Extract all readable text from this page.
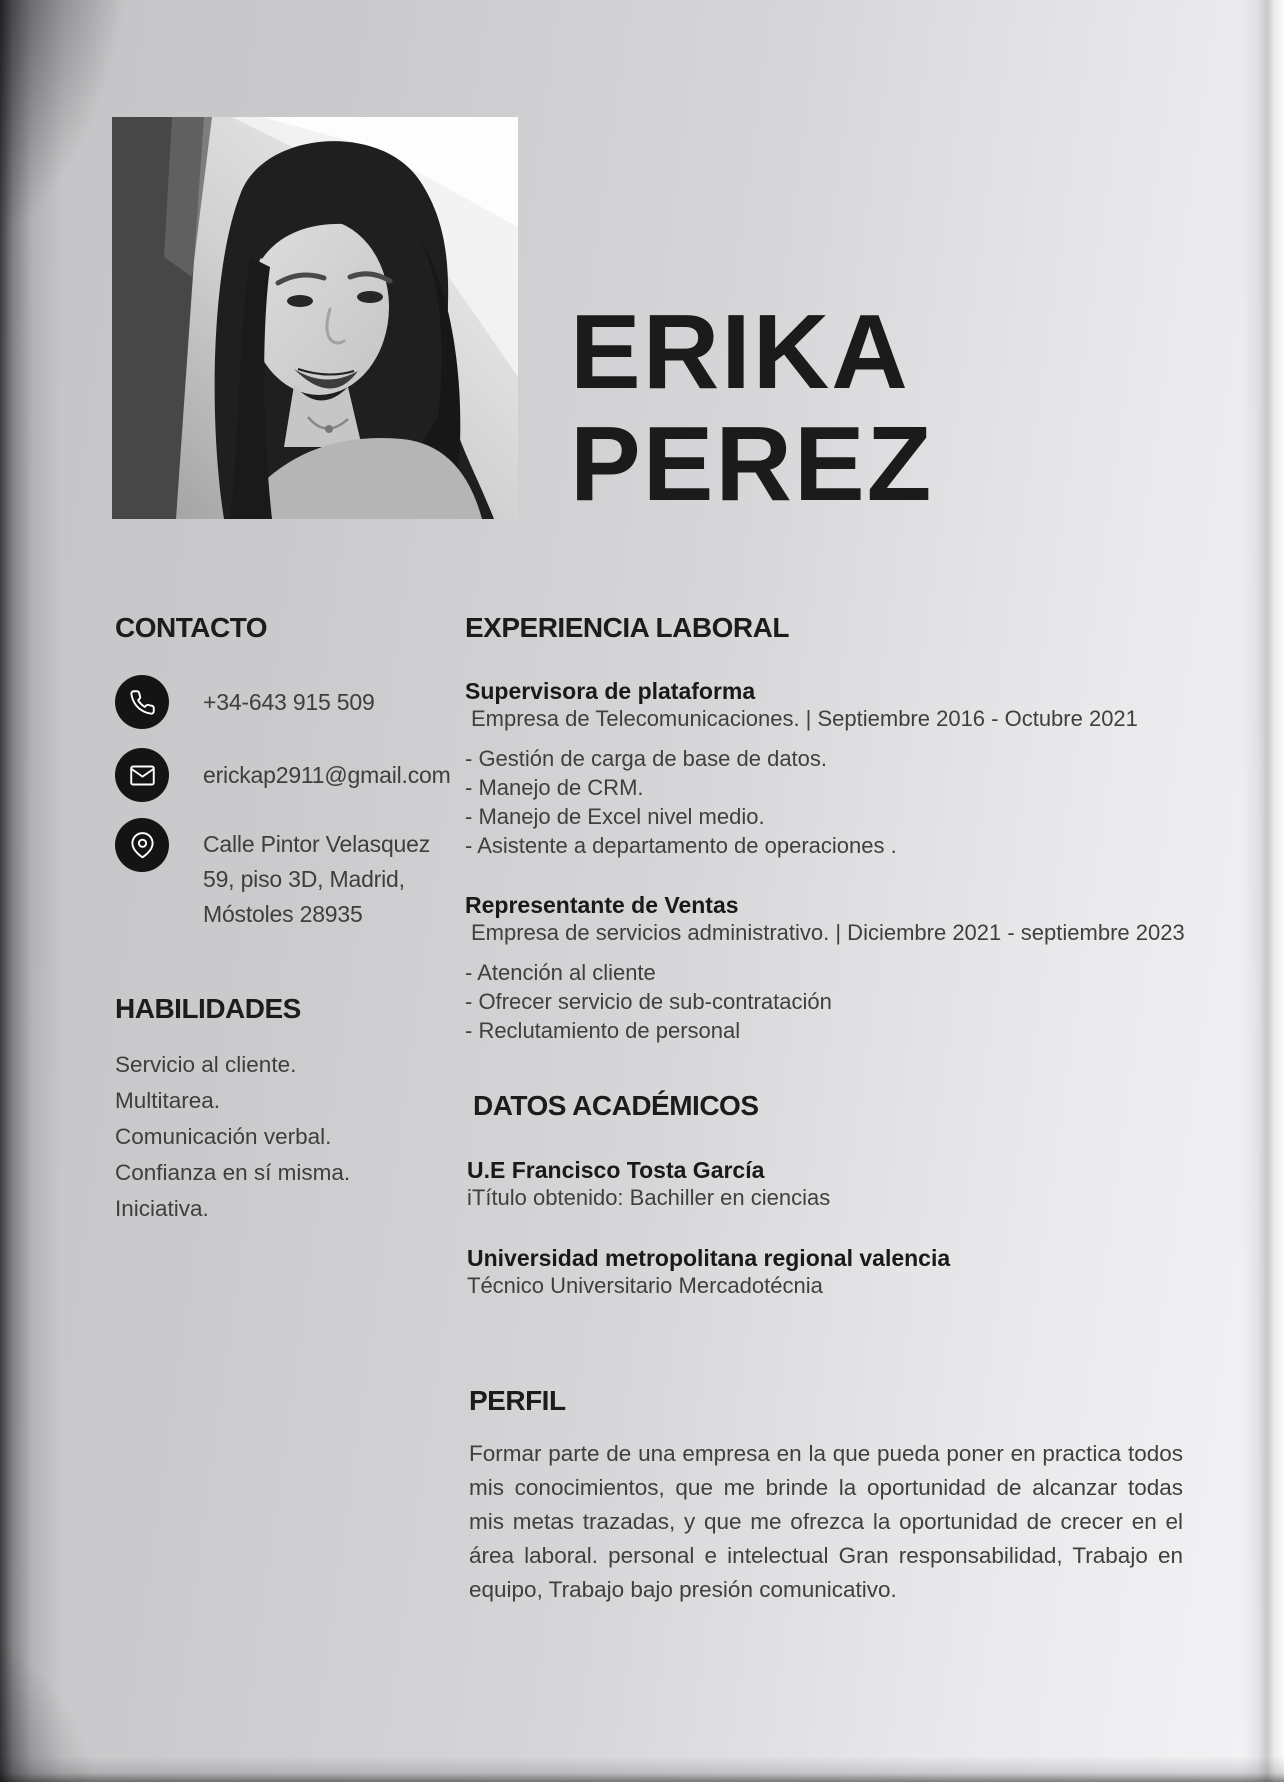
ERIKA
PEREZ
CONTACTO
+34-643 915 509
erickap2911@gmail.com
Calle Pintor Velasquez
59, piso 3D, Madrid,
Móstoles 28935
HABILIDADES
Servicio al cliente.
Multitarea.
Comunicación verbal.
Confianza en sí misma.
Iniciativa.
EXPERIENCIA LABORAL
Supervisora de plataforma
Empresa de Telecomunicaciones. | Septiembre 2016 - Octubre 2021
- Gestión de carga de base de datos.
- Manejo de CRM.
- Manejo de Excel nivel medio.
- Asistente a departamento de operaciones .
Representante de Ventas
Empresa de servicios administrativo. | Diciembre 2021 - septiembre 2023
- Atención al cliente
- Ofrecer servicio de sub-contratación
- Reclutamiento de personal
DATOS ACADÉMICOS
U.E Francisco Tosta García
iTítulo obtenido: Bachiller en ciencias
Universidad metropolitana regional valencia
Técnico Universitario Mercadotécnia
PERFIL
Formar parte de una empresa en la que pueda poner en practica todos mis conocimientos, que me brinde la oportunidad de alcanzar todas mis metas trazadas, y que me ofrezca la oportunidad de crecer en el área laboral. personal e intelectual Gran responsabilidad, Trabajo en equipo, Trabajo bajo presión comunicativo.
